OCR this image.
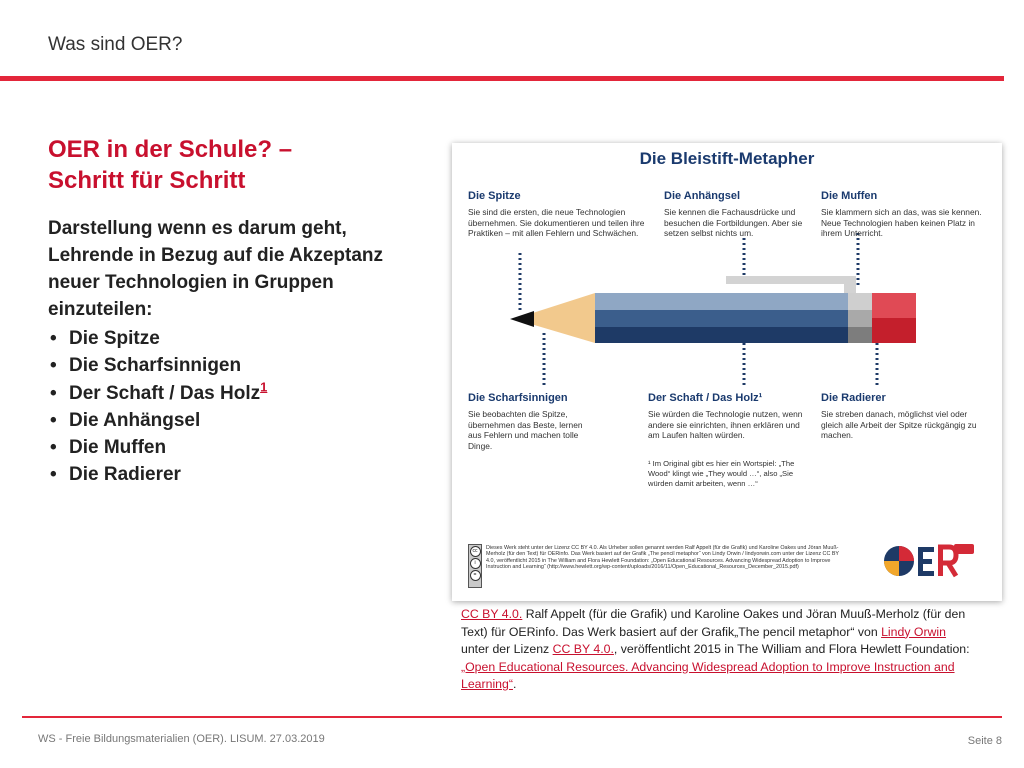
Was sind OER?
OER in der Schule? –
Schritt für Schritt
Darstellung wenn es darum geht, Lehrende in Bezug auf die Akzeptanz neuer Technologien in Gruppen einzuteilen:
• Die Spitze
• Die Scharfsinnigen
• Der Schaft / Das Holz$^1$
• Die Anhängsel
• Die Muffen
• Die Radierer
Die Bleistift-Metapher
Die Spitze
Sie sind die ersten, die neue Technologien übernehmen. Sie dokumentieren und teilen ihre Praktiken – mit allen Fehlern und Schwächen.
Die Anhängsel
Sie kennen die Fachausdrücke und besuchen die Fortbildungen. Aber sie setzen selbst nichts um.
Die Muffen
Sie klammern sich an das, was sie kennen. Neue Technologien haben keinen Platz in ihrem Unterricht.
Die Scharfsinnigen
Sie beobachten die Spitze, übernehmen das Beste, lernen aus Fehlern und machen tolle Dinge.
Der Schaft / Das Holz¹
Sie würden die Technologie nutzen, wenn andere sie einrichten, ihnen erklären und am Laufen halten würden.
¹ Im Original gibt es hier ein Wortspiel: „The Wood“ klingt wie „They would …“, also „Sie würden damit arbeiten, wenn …“
Die Radierer
Sie streben danach, möglichst viel oder gleich alle Arbeit der Spitze rückgängig zu machen.
cc
i
=
Dieses Werk steht unter der Lizenz CC BY 4.0. Als Urheber sollen genannt werden Ralf Appelt (für die Grafik) und Karoline Oakes und Jöran Muuß-Merholz (für den Text) für OERinfo. Das Werk basiert auf der Grafik „The pencil metaphor“ von Lindy Orwin / lindyorwin.com unter der Lizenz CC BY 4.0, veröffentlicht 2015 in The William and Flora Hewlett Foundation: „Open Educational Resources. Advancing Widespread Adoption to Improve Instruction and Learning“ (http://www.hewlett.org/wp-content/uploads/2016/11/Open_Educational_Resources_December_2015.pdf)
CC BY 4.0. Ralf Appelt (für die Grafik) und Karoline Oakes und Jöran Muuß-Merholz (für den Text) für OERinfo. Das Werk basiert auf der Grafik„The pencil metaphor“ von Lindy Orwin unter der Lizenz CC BY 4.0., veröffentlicht 2015 in The William and Flora Hewlett Foundation: „Open Educational Resources. Advancing Widespread Adoption to Improve Instruction and Learning“.
WS - Freie Bildungsmaterialien (OER). LISUM. 27.03.2019	Seite 8
